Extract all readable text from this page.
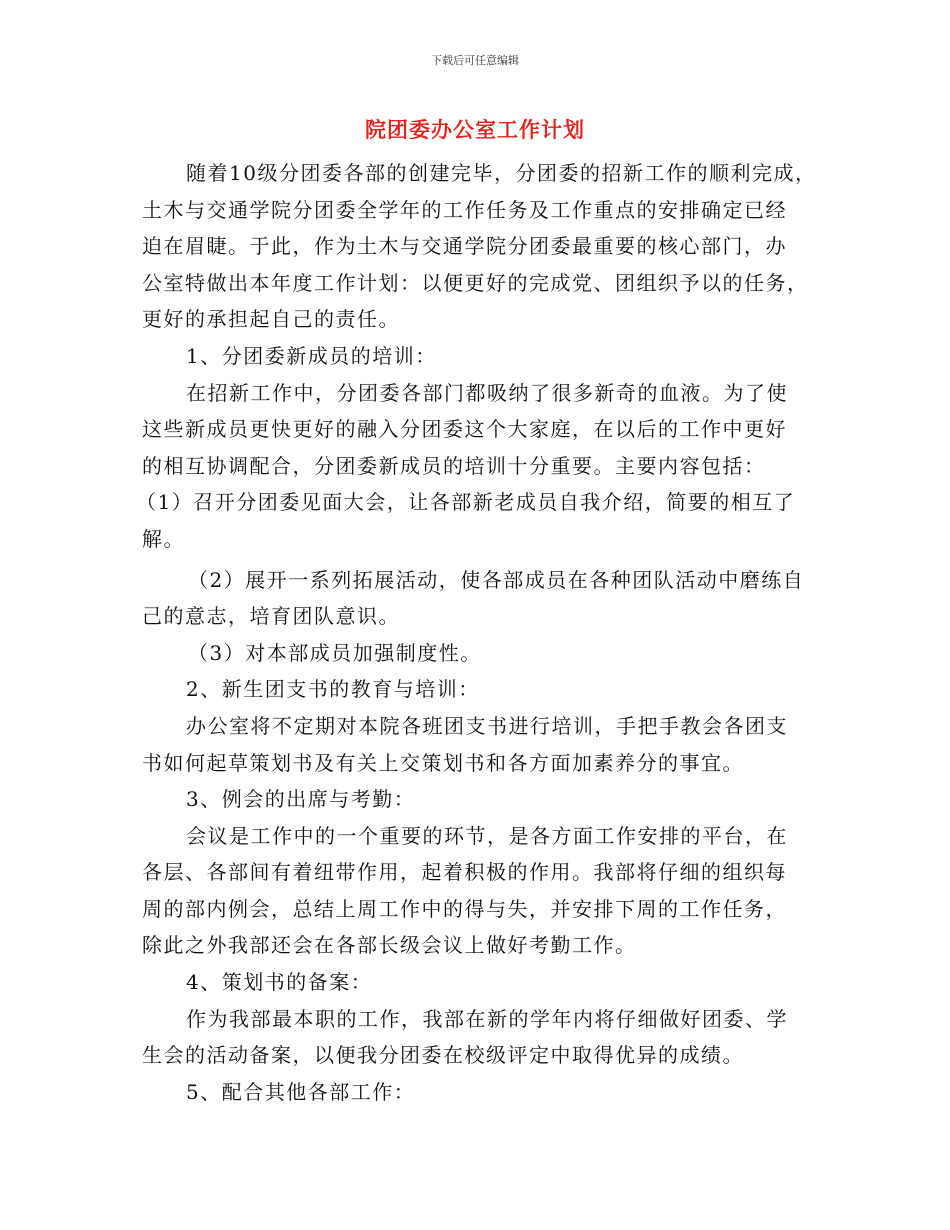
下载后可任意编辑
院团委办公室工作计划
随着10级分团委各部的创建完毕，分团委的招新工作的顺利完成，
土木与交通学院分团委全学年的工作任务及工作重点的安排确定已经
迫在眉睫。于此，作为土木与交通学院分团委最重要的核心部门，办
公室特做出本年度工作计划：以便更好的完成党、团组织予以的任务，
更好的承担起自己的责任。
1、分团委新成员的培训：
在招新工作中，分团委各部门都吸纳了很多新奇的血液。为了使
这些新成员更快更好的融入分团委这个大家庭，在以后的工作中更好
的相互协调配合，分团委新成员的培训十分重要。主要内容包括：
（1）召开分团委见面大会，让各部新老成员自我介绍，简要的相互了
解。
（2）展开一系列拓展活动，使各部成员在各种团队活动中磨练自
己的意志，培育团队意识。
（3）对本部成员加强制度性。
2、新生团支书的教育与培训：
办公室将不定期对本院各班团支书进行培训，手把手教会各团支
书如何起草策划书及有关上交策划书和各方面加素养分的事宜。
3、例会的出席与考勤：
会议是工作中的一个重要的环节，是各方面工作安排的平台，在
各层、各部间有着纽带作用，起着积极的作用。我部将仔细的组织每
周的部内例会，总结上周工作中的得与失，并安排下周的工作任务，
除此之外我部还会在各部长级会议上做好考勤工作。
4、策划书的备案：
作为我部最本职的工作，我部在新的学年内将仔细做好团委、学
生会的活动备案，以便我分团委在校级评定中取得优异的成绩。
5、配合其他各部工作：
